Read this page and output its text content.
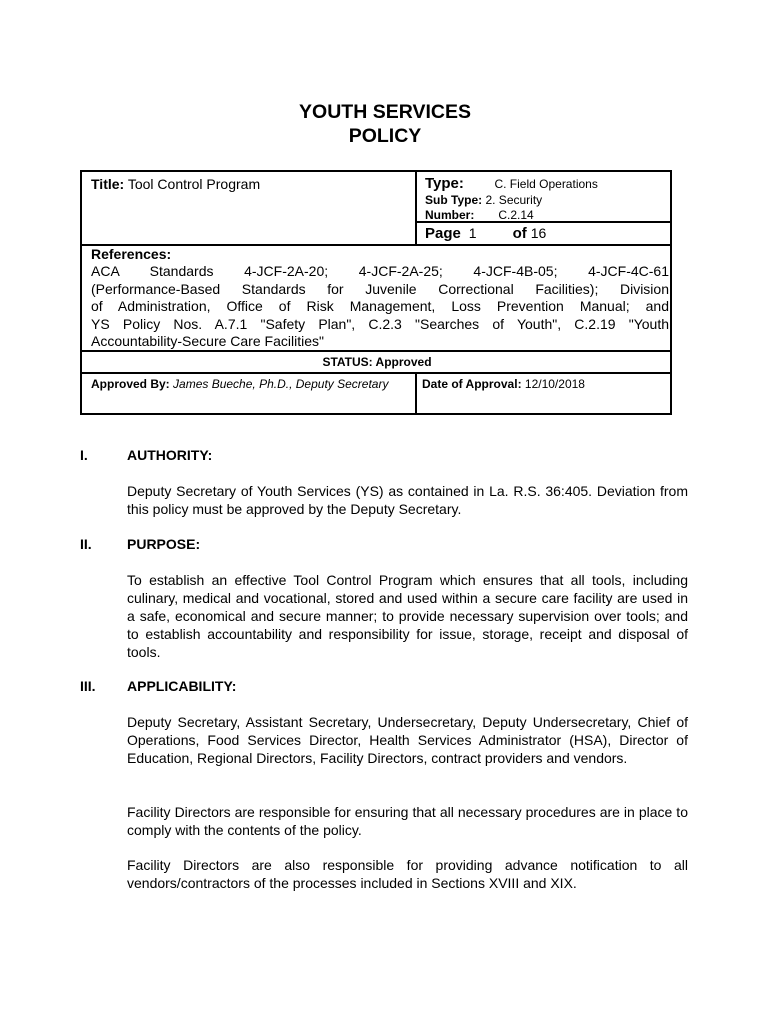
YOUTH SERVICES
POLICY
Title: Tool Control Program	Type:	C. Field Operations
Sub Type: 2. Security
Number: C.2.14
Page 1 of 16
References:
ACA Standards 4-JCF-2A-20; 4-JCF-2A-25; 4-JCF-4B-05; 4-JCF-4C-61
(Performance-Based Standards for Juvenile Correctional Facilities); Division
of Administration, Office of Risk Management, Loss Prevention Manual; and
YS Policy Nos. A.7.1 "Safety Plan", C.2.3 "Searches of Youth", C.2.19 "Youth
Accountability-Secure Care Facilities"
STATUS: Approved
Approved By: James Bueche, Ph.D., Deputy Secretary	Date of Approval: 12/10/2018
I.	AUTHORITY:
Deputy Secretary of Youth Services (YS) as contained in La. R.S. 36:405. Deviation from this policy must be approved by the Deputy Secretary.
II.	PURPOSE:
To establish an effective Tool Control Program which ensures that all tools, including culinary, medical and vocational, stored and used within a secure care facility are used in a safe, economical and secure manner; to provide necessary supervision over tools; and to establish accountability and responsibility for issue, storage, receipt and disposal of tools.
III. APPLICABILITY:
Deputy Secretary, Assistant Secretary, Undersecretary, Deputy Undersecretary, Chief of Operations, Food Services Director, Health Services Administrator (HSA), Director of Education, Regional Directors, Facility Directors, contract providers and vendors.
Facility Directors are responsible for ensuring that all necessary procedures are in place to comply with the contents of the policy.
Facility Directors are also responsible for providing advance notification to all vendors/contractors of the processes included in Sections XVIII and XIX.
